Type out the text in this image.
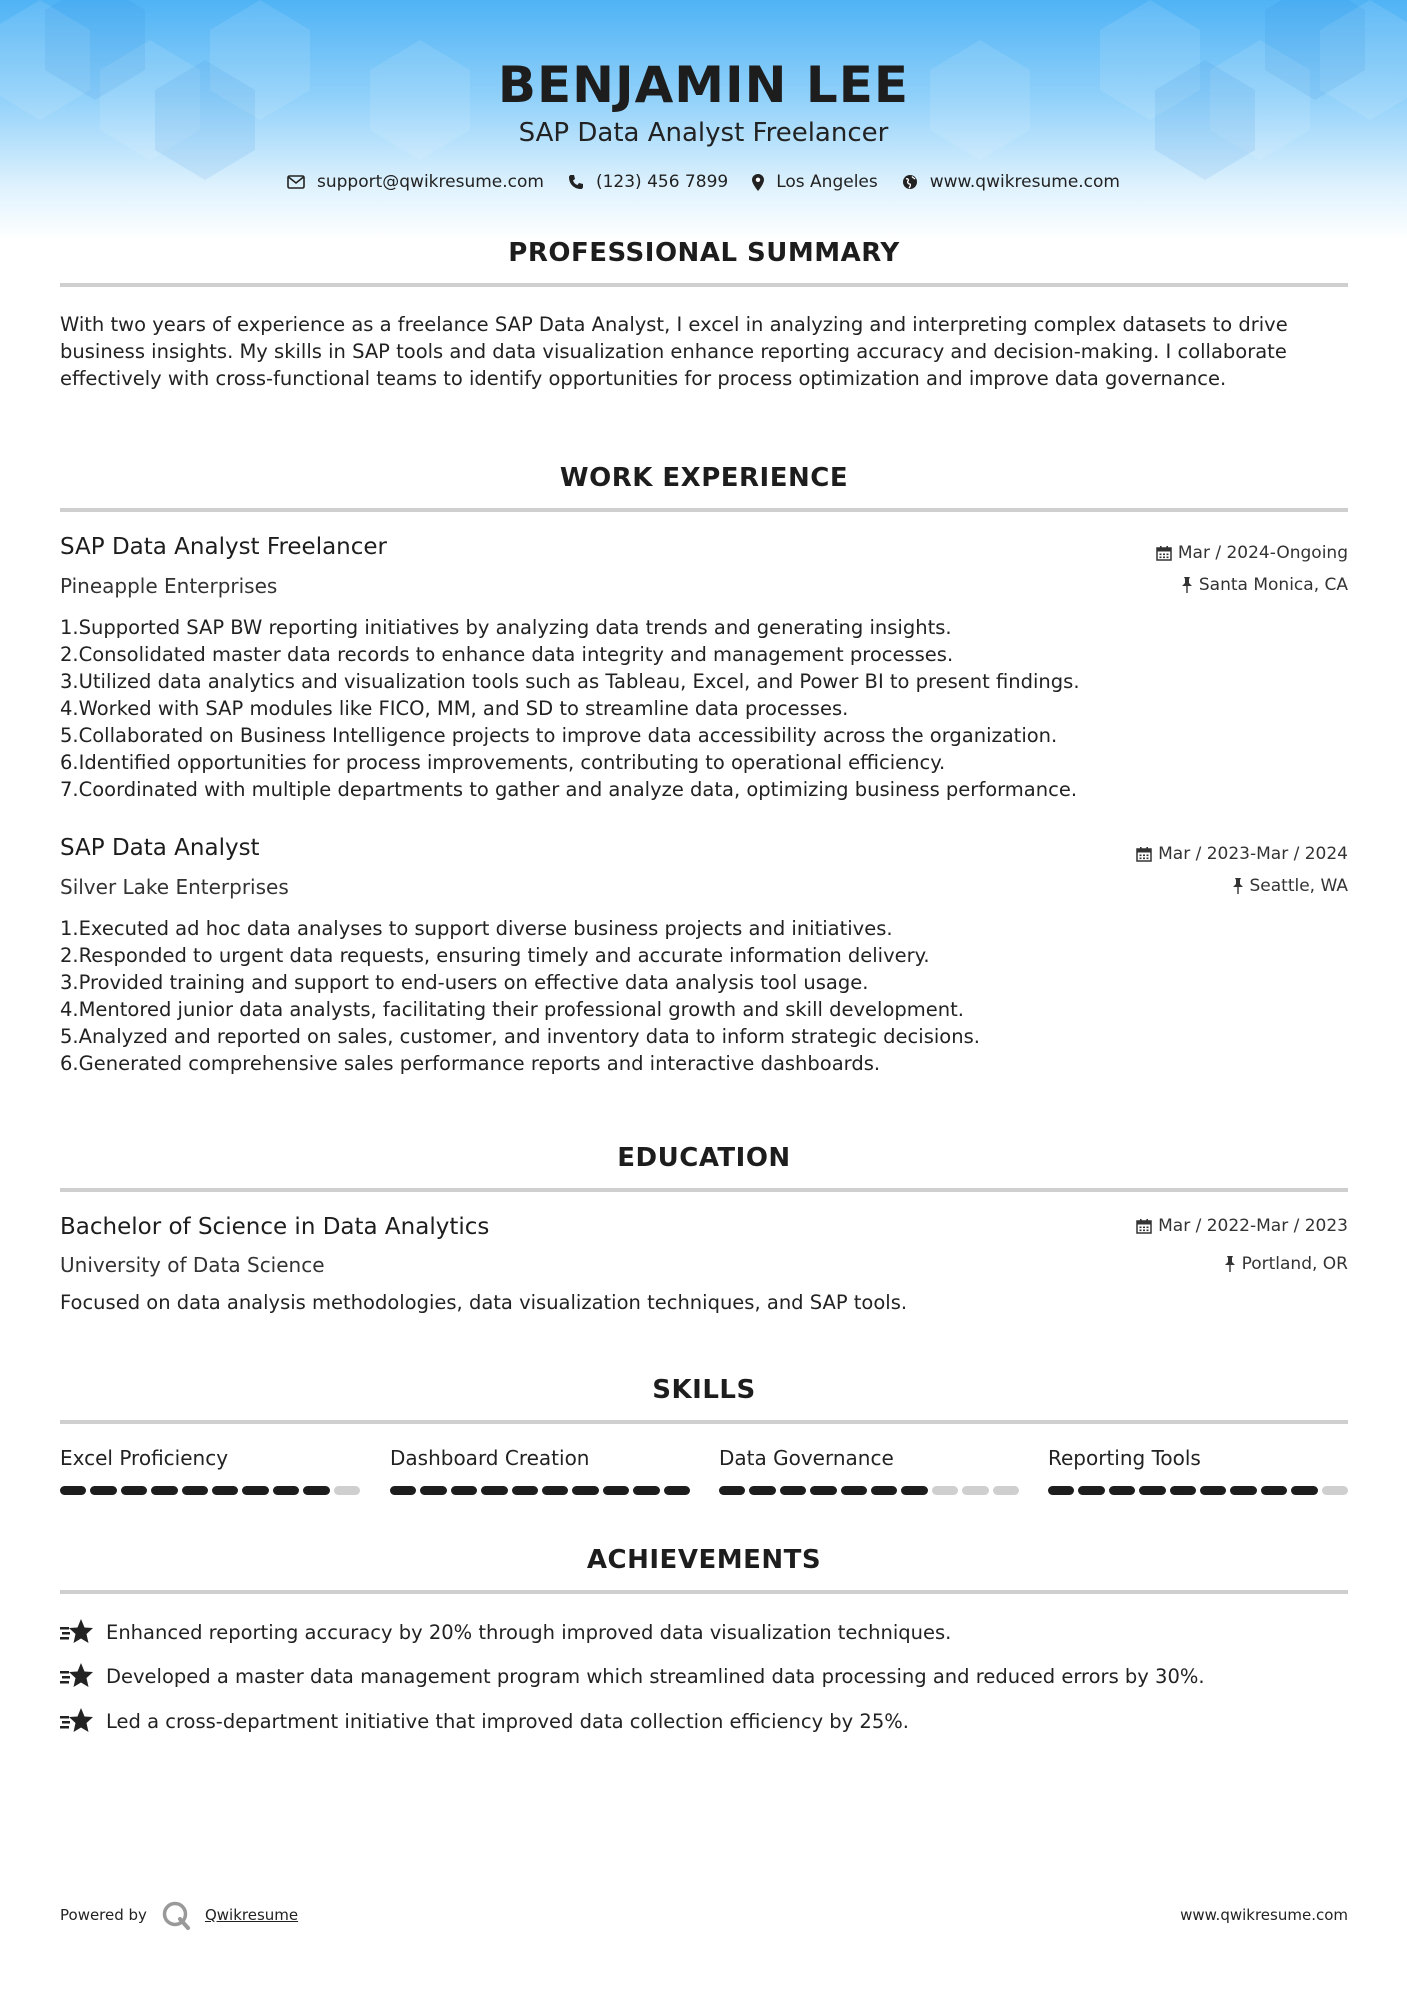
BENJAMIN LEE
SAP Data Analyst Freelancer
support@qwikresume.com	(123) 456 7899	Los Angeles	www.qwikresume.com
PROFESSIONAL SUMMARY
With two years of experience as a freelance SAP Data Analyst, I excel in analyzing and interpreting complex datasets to drive business insights. My skills in SAP tools and data visualization enhance reporting accuracy and decision-making. I collaborate effectively with cross-functional teams to identify opportunities for process optimization and improve data governance.
WORK EXPERIENCE
SAP Data Analyst Freelancer
Pineapple Enterprises
Mar / 2024-Ongoing
Santa Monica, CA
1. Supported SAP BW reporting initiatives by analyzing data trends and generating insights.
2. Consolidated master data records to enhance data integrity and management processes.
3. Utilized data analytics and visualization tools such as Tableau, Excel, and Power BI to present findings.
4. Worked with SAP modules like FICO, MM, and SD to streamline data processes.
5. Collaborated on Business Intelligence projects to improve data accessibility across the organization.
6. Identified opportunities for process improvements, contributing to operational efficiency.
7. Coordinated with multiple departments to gather and analyze data, optimizing business performance.
SAP Data Analyst
Silver Lake Enterprises
Mar / 2023-Mar / 2024
Seattle, WA
1. Executed ad hoc data analyses to support diverse business projects and initiatives.
2. Responded to urgent data requests, ensuring timely and accurate information delivery.
3. Provided training and support to end-users on effective data analysis tool usage.
4. Mentored junior data analysts, facilitating their professional growth and skill development.
5. Analyzed and reported on sales, customer, and inventory data to inform strategic decisions.
6. Generated comprehensive sales performance reports and interactive dashboards.
EDUCATION
Bachelor of Science in Data Analytics
University of Data Science
Mar / 2022-Mar / 2023
Portland, OR
Focused on data analysis methodologies, data visualization techniques, and SAP tools.
SKILLS
Excel Proficiency	Dashboard Creation	Data Governance	Reporting Tools
ACHIEVEMENTS
Enhanced reporting accuracy by 20% through improved data visualization techniques.
Developed a master data management program which streamlined data processing and reduced errors by 30%.
Led a cross-department initiative that improved data collection efficiency by 25%.
Powered by	Qwikresume	www.qwikresume.com
